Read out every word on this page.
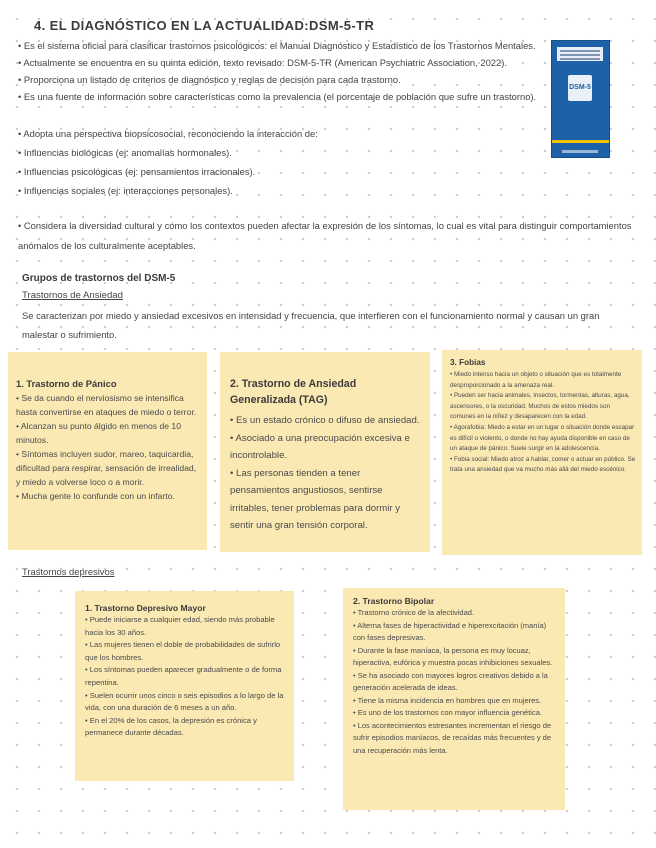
4. EL DIAGNÓSTICO EN LA ACTUALIDAD:DSM-5-TR
• Es el sistema oficial para clasificar trastornos psicológicos: el Manual Diagnóstico y Estadístico de los Trastornos Mentales.
• Actualmente se encuentra en su quinta edición, texto revisado: DSM-5-TR (American Psychiatric Association, 2022).
• Proporciona un listado de criterios de diagnóstico y reglas de decisión para cada trastorno.
• Es una fuente de información sobre características como la prevalencia (el porcentaje de población que sufre un trastorno).
DSM-5
• Adopta una perspectiva biopsicosocial, reconociendo la interacción de:
• Influencias biológicas (ej: anomalías hormonales).
• Influencias psicológicas (ej: pensamientos irracionales).
• Influencias sociales (ej: interacciones personales).
• Considera la diversidad cultural y cómo los contextos pueden afectar la expresión de los síntomas, lo cual es vital para distinguir comportamientos anómalos de los culturalmente aceptables.
Grupos de trastornos del DSM-5
Trastornos de Ansiedad
Se caracterizan por miedo y ansiedad excesivos en intensidad y frecuencia, que interfieren con el funcionamiento normal y causan un gran malestar o sufrimiento.
1. Trastorno de Pánico
• Se da cuando el nerviosismo se intensifica hasta convertirse en ataques de miedo o terror.
• Alcanzan su punto álgido en menos de 10 minutos.
• Síntomas incluyen sudor, mareo, taquicardia, dificultad para respirar, sensación de irrealidad, y miedo a volverse loco o a morir.
• Mucha gente lo confunde con un infarto.
2. Trastorno de Ansiedad Generalizada (TAG)
• Es un estado crónico o difuso de ansiedad.
• Asociado a una preocupación excesiva e incontrolable.
• Las personas tienden a tener pensamientos angustiosos, sentirse irritables, tener problemas para dormir y sentir una gran tensión corporal.
3. Fobias
• Miedo intenso hacia un objeto o situación que es totalmente desproporcionado a la amenaza real.
• Pueden ser hacia animales, insectos, tormentas, alturas, agua, ascensores, o la oscuridad. Muchos de estos miedos son comunes en la niñez y desaparecen con la edad.
• Agorafobia: Miedo a estar en un lugar o situación donde escapar es difícil o violento, o donde no hay ayuda disponible en caso de un ataque de pánico. Suele surgir en la adolescencia.
• Fobia social: Miedo atroz a hablar, comer o actuar en público. Se trata una ansiedad que va mucho más allá del miedo escénico.
Trastornos depresivos
1. Trastorno Depresivo Mayor
• Puede iniciarse a cualquier edad, siendo más probable hacia los 30 años.
• Las mujeres tienen el doble de probabilidades de sufrirlo que los hombres.
• Los síntomas pueden aparecer gradualmente o de forma repentina.
• Suelen ocurrir unos cinco o seis episodios a lo largo de la vida, con una duración de 6 meses a un año.
• En el 20% de los casos, la depresión es crónica y permanece durante décadas.
2. Trastorno Bipolar
• Trastorno crónico de la afectividad.
• Alterna fases de hiperactividad e hiperexcitación (manía) con fases depresivas.
• Durante la fase maníaca, la persona es muy locuaz, hiperactiva, eufórica y muestra pocas inhibiciones sexuales.
• Se ha asociado con mayores logros creativos debido a la generación acelerada de ideas.
• Tiene la misma incidencia en hombres que en mujeres.
• Es uno de los trastornos con mayor influencia genética.
• Los acontecimientos estresantes incrementan el riesgo de sufrir episodios maníacos, de recaídas más frecuentes y de una recuperación más lenta.
